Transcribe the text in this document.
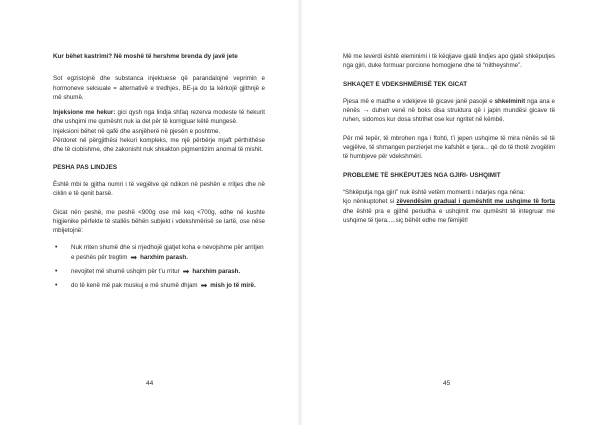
Kur bëhet kastrimi? Në moshë të hershme brenda dy javë jete

Sot egzistojnë dhe substanca injektuese që parandalojnë veprimin e hormoneve seksuale = alternativë e tredhjes, BE-ja do ta kërkojë gjithnjë e më shumë.

Injeksione me hekur: gici qysh nga lindja shfaq rezerva modeste të hekurit dhe ushqimi me qumësht nuk ia del për të korrigjuar këtë mungesë.

Injeksioni bëhet në qafë dhe asnjëherë në pjesën e poshtme.

Përdoret në përgjithësi hekuri kompleks, me një përbërje mjaft përthithëse dhe të ciobishme, dhe zakonisht nuk shkakton pigmentizim anomal të mishit.

PESHA PAS LINDJES

Është mbi te gjitha numri i të vegjëlve që ndikon në peshën e rritjes dhe në ciklin e të qenit barsë.

Gicat nën peshë, me peshë <900g ose më keq <700g, edhe në kushte higjienike përfekte të stallës bëhën subjekt i vdekshmërisë se lartë, ose nëse mbijetojnë:

• Nuk rriten shumë dhe si rrjedhojë gjatjet koha e nevojshme për arritjen e peshës për tregtim ➡ harxhim parash.
• nevojitet më shumë ushqim për t’u rritur ➡ harxhim parash.
• do të kenë më pak muskuj e më shumë dhjam ➡ mish jo të mirë.
44

Më me leverdi është eleminimi i të këqijave gjatë lindjes apo gjatë shkëputjes nga gjiri, duke formuar porcione homogjene dhe të “niltheyshme”.

SHKAQET E VDEKSHMËRISË TEK GICAT

Pjesa më e madhe e vdekjeve të gicave janë pasojë e shkelminit nga ana e nënës → duhen venë në boks disa struktura që i japin mundësi gicave të ruhen, sidomos kur dosa shtrihet ose kur ngritet në këmbë.

Për më tepër, të mbrohen nga i ftohti, t’i jepen ushqime të mira nënës së të vegjëlve, të shmangen perzierjet me kafshët e tjera... që do të thotë zvogëlim të humbjeve për vdekshmëri.

PROBLEME TË SHKËPUTJES NGA GJIRI- USHQIMIT

“Shkëputja nga gjiri” nuk është vetëm momenti i ndarjes nga nëna:

kjo nënkuptohet si zëvendësim gradual i qumështit me ushqime të forta dhe është pra e gjithë periudha e ushqimit me qumësht të integruar me ushqime të tjera.....siç bëhët edhe me fëmijët!

45
